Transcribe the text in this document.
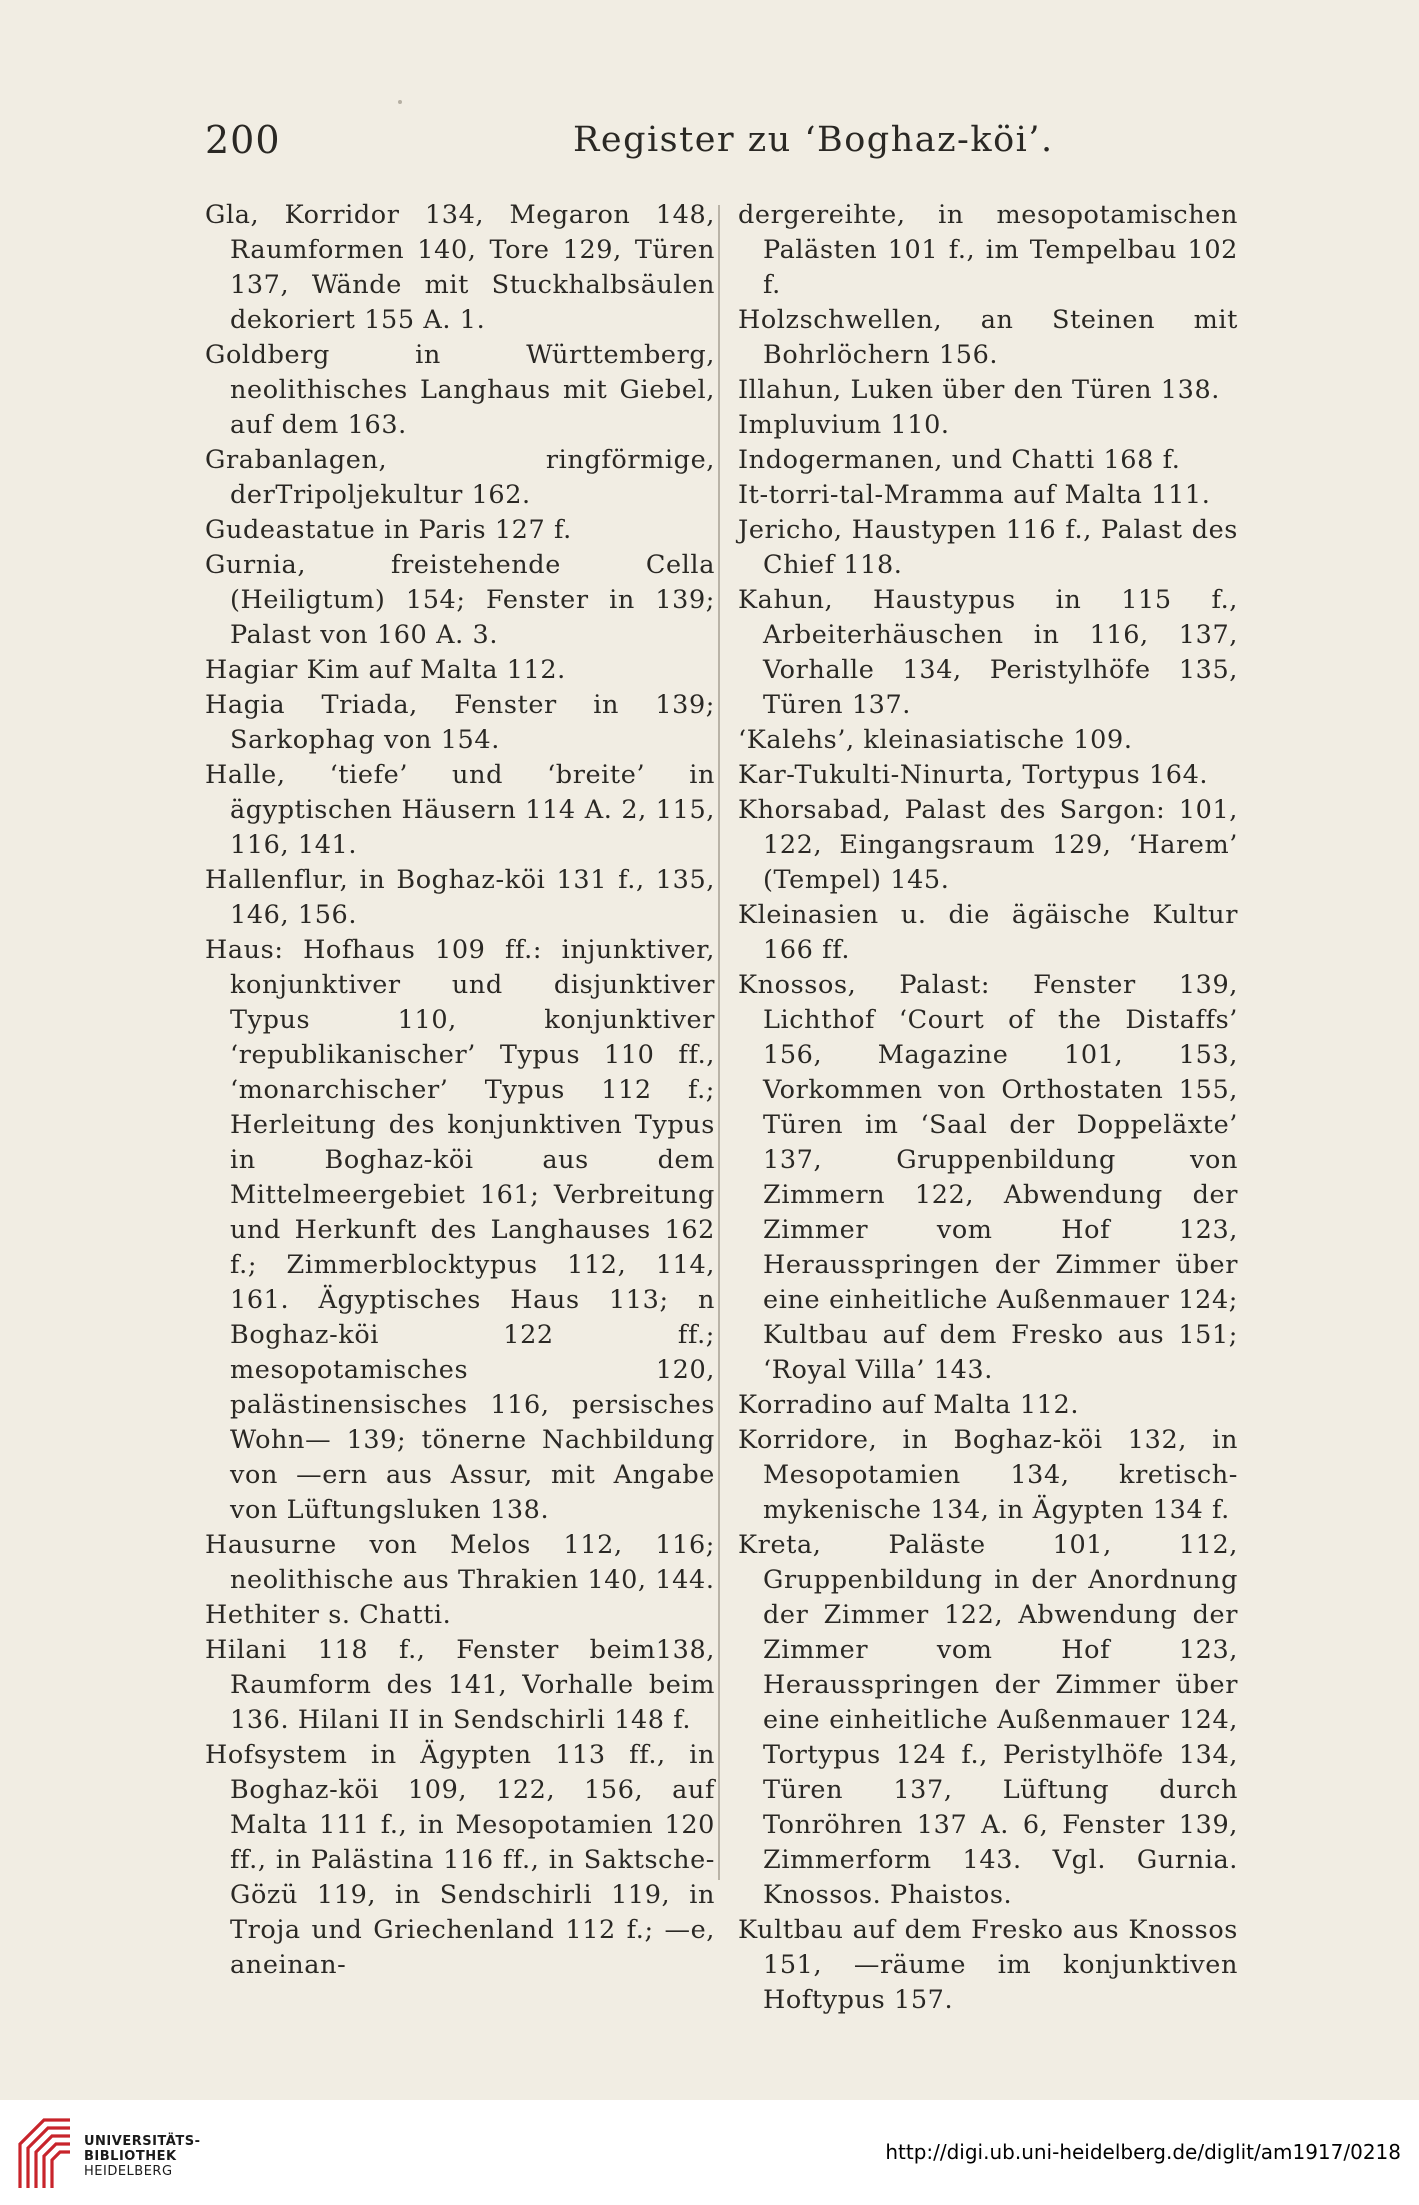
200	Register zu ‘Boghaz-köi’.

Gla, Korridor 134, Megaron 148, Raumformen 140, Tore 129, Türen 137, Wände mit Stuckhalbsäulen dekoriert 155 A. 1.

Goldberg in Württemberg, neolithisches Langhaus mit Giebel, auf dem 163.

Grabanlagen, ringförmige, derTripoljekultur 162.

Gudeastatue in Paris 127 f.

Gurnia, freistehende Cella (Heiligtum) 154; Fenster in 139; Palast von 160 A. 3.

Hagiar Kim auf Malta 112.

Hagia Triada, Fenster in 139; Sarkophag von 154.

Halle, ‘tiefe’ und ‘breite’ in ägyptischen Häusern 114 A. 2, 115, 116, 141.

Hallenflur, in Boghaz-köi 131 f., 135, 146, 156.

Haus: Hofhaus 109 ff.: injunktiver, konjunktiver und disjunktiver Typus 110, konjunktiver ‘republikanischer’ Typus 110 ff., ‘monarchischer’ Typus 112 f.; Herleitung des konjunktiven Typus in Boghaz-köi aus dem Mittelmeergebiet 161; Verbreitung und Herkunft des Langhauses 162 f.; Zimmerblocktypus 112, 114, 161. Ägyptisches Haus 113; n Boghaz-köi 122 ff.; mesopotamisches 120, palästinensisches 116, persisches Wohn— 139; tönerne Nachbildung von —ern aus Assur, mit Angabe von Lüftungsluken 138.

Hausurne von Melos 112, 116; neolithische aus Thrakien 140, 144.

Hethiter s. Chatti.

Hilani 118 f., Fenster beim138, Raumform des 141, Vorhalle beim 136. Hilani II in Sendschirli 148 f.

Hofsystem in Ägypten 113 ff., in Boghaz-köi 109, 122, 156, auf Malta 111 f., in Mesopotamien 120 ff., in Palästina 116 ff., in Saktsche-Gözü 119, in Sendschirli 119, in Troja und Griechenland 112 f.; —e, aneinan-

dergereihte, in mesopotamischen Palästen 101 f., im Tempelbau 102 f.

Holzschwellen, an Steinen mit Bohrlöchern 156.

Illahun, Luken über den Türen 138.

Impluvium 110.

Indogermanen, und Chatti 168 f.

It-torri-tal-Mramma auf Malta 111.

Jericho, Haustypen 116 f., Palast des Chief 118.

Kahun, Haustypus in 115 f., Arbeiterhäuschen in 116, 137, Vorhalle 134, Peristylhöfe 135, Türen 137.

‘Kalehs’, kleinasiatische 109.

Kar-Tukulti-Ninurta, Tortypus 164.

Khorsabad, Palast des Sargon: 101, 122, Eingangsraum 129, ‘Harem’ (Tempel) 145.

Kleinasien u. die ägäische Kultur 166 ff.

Knossos, Palast: Fenster 139, Lichthof ‘Court of the Distaffs’ 156, Magazine 101, 153, Vorkommen von Orthostaten 155, Türen im ‘Saal der Doppeläxte’ 137, Gruppenbildung von Zimmern 122, Abwendung der Zimmer vom Hof 123, Herausspringen der Zimmer über eine einheitliche Außenmauer 124; Kultbau auf dem Fresko aus 151; ‘Royal Villa’ 143.

Korradino auf Malta 112.

Korridore, in Boghaz-köi 132, in Mesopotamien 134, kretisch-mykenische 134, in Ägypten 134 f.

Kreta, Paläste 101, 112, Gruppenbildung in der Anordnung der Zimmer 122, Abwendung der Zimmer vom Hof 123, Herausspringen der Zimmer über eine einheitliche Außenmauer 124, Tortypus 124 f., Peristylhöfe 134, Türen 137, Lüftung durch Tonröhren 137 A. 6, Fenster 139, Zimmerform 143. Vgl. Gurnia. Knossos. Phaistos.

Kultbau auf dem Fresko aus Knossos 151, —räume im konjunktiven Hoftypus 157.

UNIVERSITÄTS-
BIBLIOTHEK
HEIDELBERG
http://digi.ub.uni-heidelberg.de/diglit/am1917/0218
